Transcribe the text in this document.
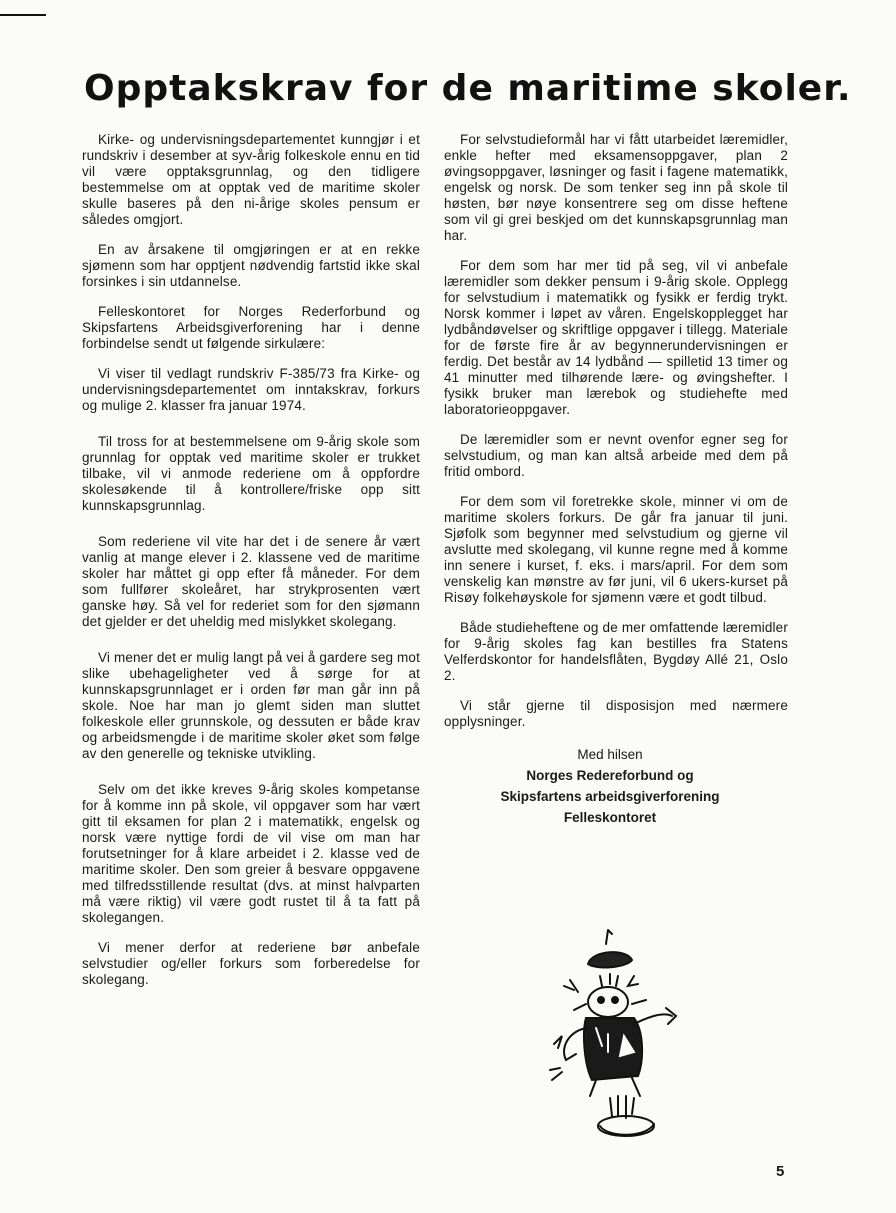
Opptakskrav for de maritime skoler.

Kirke- og undervisningsdepartementet kunngjør i et rundskriv i desember at syv-årig folkeskole ennu en tid vil være opptaksgrunnlag, og den tidligere bestemmelse om at opptak ved de maritime skoler skulle baseres på den ni-årige skoles pensum er således omgjort.

En av årsakene til omgjøringen er at en rekke sjømenn som har opptjent nødvendig fartstid ikke skal forsinkes i sin utdannelse.

Felleskontoret for Norges Rederforbund og Skipsfartens Arbeidsgiverforening har i denne forbindelse sendt ut følgende sirkulære:

Vi viser til vedlagt rundskriv F-385/73 fra Kirke- og undervisningsdepartementet om inntakskrav, forkurs og mulige 2. klasser fra januar 1974.

Til tross for at bestemmelsene om 9-årig skole som grunnlag for opptak ved maritime skoler er trukket tilbake, vil vi anmode rederiene om å oppfordre skolesøkende til å kontrollere/friske opp sitt kunnskapsgrunnlag.

Som rederiene vil vite har det i de senere år vært vanlig at mange elever i 2. klassene ved de maritime skoler har måttet gi opp efter få måneder. For dem som fullfører skoleåret, har strykprosenten vært ganske høy. Så vel for rederiet som for den sjømann det gjelder er det uheldig med mislykket skolegang.

Vi mener det er mulig langt på vei å gardere seg mot slike ubehageligheter ved å sørge for at kunnskapsgrunnlaget er i orden før man går inn på skole. Noe har man jo glemt siden man sluttet folkeskole eller grunnskole, og dessuten er både krav og arbeidsmengde i de maritime skoler øket som følge av den generelle og tekniske utvikling.

Selv om det ikke kreves 9-årig skoles kompetanse for å komme inn på skole, vil oppgaver som har vært gitt til eksamen for plan 2 i matematikk, engelsk og norsk være nyttige fordi de vil vise om man har forutsetninger for å klare arbeidet i 2. klasse ved de maritime skoler. Den som greier å besvare oppgavene med tilfredsstillende resultat (dvs. at minst halvparten må være riktig) vil være godt rustet til å ta fatt på skolegangen.

Vi mener derfor at rederiene bør anbefale selvstudier og/eller forkurs som forberedelse for skolegang.

For selvstudieformål har vi fått utarbeidet læremidler, enkle hefter med eksamensoppgaver, plan 2 øvingsoppgaver, løsninger og fasit i fagene matematikk, engelsk og norsk. De som tenker seg inn på skole til høsten, bør nøye konsentrere seg om disse heftene som vil gi grei beskjed om det kunnskapsgrunnlag man har.

For dem som har mer tid på seg, vil vi anbefale læremidler som dekker pensum i 9-årig skole. Opplegg for selvstudium i matematikk og fysikk er ferdig trykt. Norsk kommer i løpet av våren. Engelskopplegget har lydbåndøvelser og skriftlige oppgaver i tillegg. Materiale for de første fire år av begynnerundervisningen er ferdig. Det består av 14 lydbånd — spilletid 13 timer og 41 minutter med tilhørende lære- og øvingshefter. I fysikk bruker man lærebok og studiehefte med laboratorieoppgaver.

De læremidler som er nevnt ovenfor egner seg for selvstudium, og man kan altså arbeide med dem på fritid ombord.

For dem som vil foretrekke skole, minner vi om de maritime skolers forkurs. De går fra januar til juni. Sjøfolk som begynner med selvstudium og gjerne vil avslutte med skolegang, vil kunne regne med å komme inn senere i kurset, f. eks. i mars/april. For dem som venskelig kan mønstre av før juni, vil 6 ukers-kurset på Risøy folkehøyskole for sjømenn være et godt tilbud.

Både studieheftene og de mer omfattende læremidler for 9-årig skoles fag kan bestilles fra Statens Velferdskontor for handelsflåten, Bygdøy Allé 21, Oslo 2.

Vi står gjerne til disposisjon med nærmere opplysninger.

Med hilsen
Norges Redereforbund og
Skipsfartens arbeidsgiverforening
Felleskontoret
5
